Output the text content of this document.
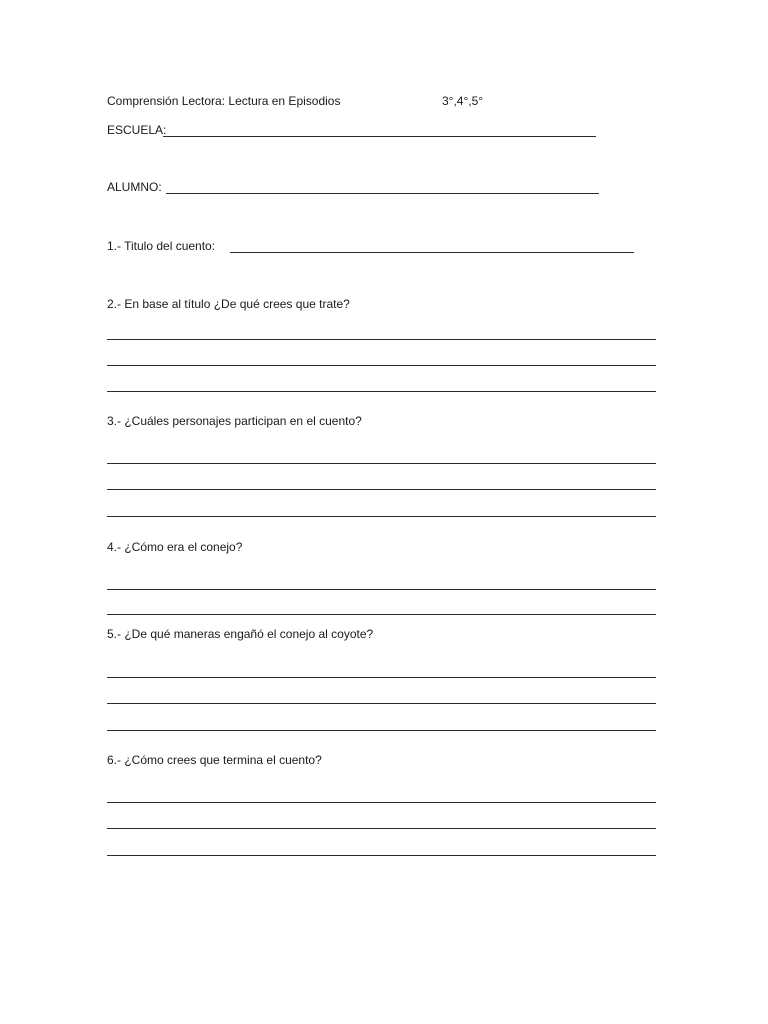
Comprensión Lectora: Lectura en Episodios	3°,4°,5°
ESCUELA:
ALUMNO:
1.- Titulo del cuento:
2.- En base al título ¿De qué crees que trate?
3.- ¿Cuáles personajes participan en el cuento?
4.- ¿Cómo era el conejo?
5.- ¿De qué maneras engañó el conejo al coyote?
6.- ¿Cómo crees que termina el cuento?
